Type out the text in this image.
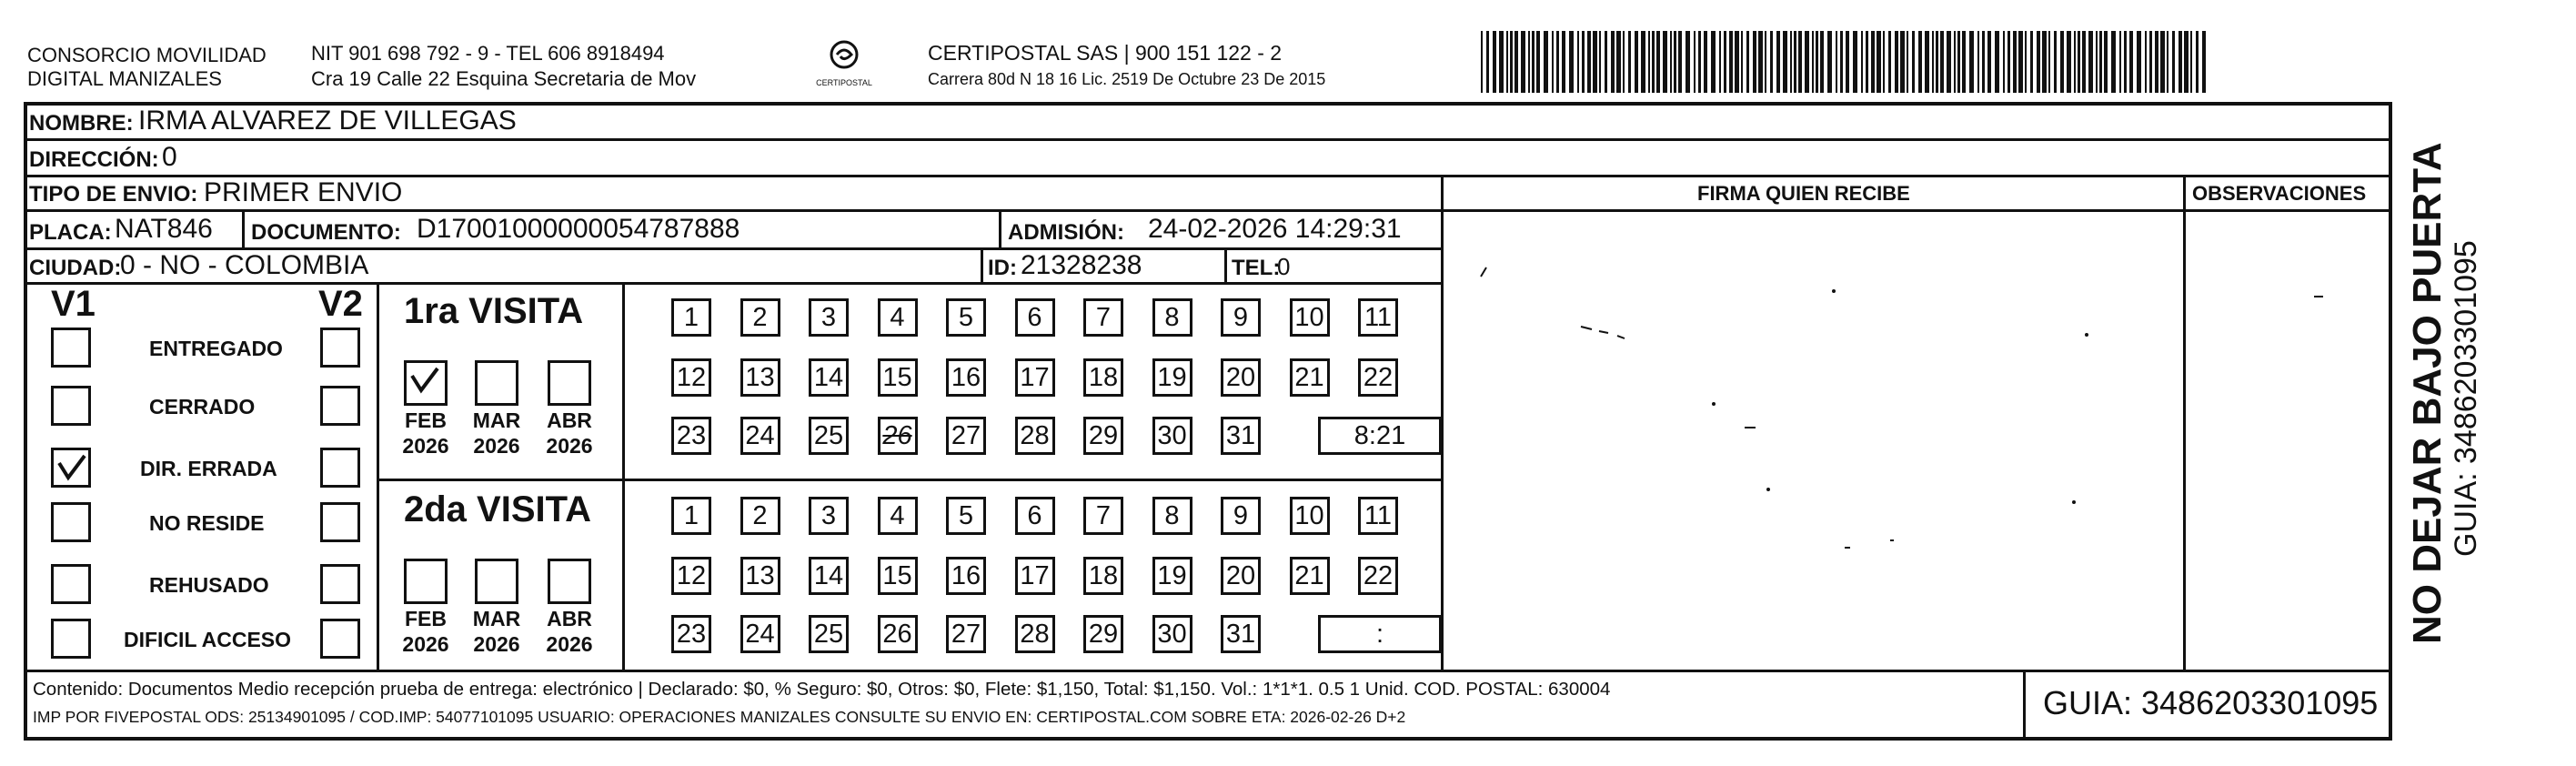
CONSORCIO MOVILIDAD
DIGITAL MANIZALES
NIT 901 698 792 - 9 - TEL 606 8918494
Cra 19 Calle 22 Esquina Secretaria de Mov	CERTIPOSTAL
CERTIPOSTAL SAS | 900 151 122 - 2
Carrera 80d N 18 16 Lic. 2519 De Octubre 23 De 2015
NOMBRE: IRMA ALVAREZ DE VILLEGAS
DIRECCIÓN: 0
TIPO DE ENVIO: PRIMER ENVIO
PLACA: NAT846 DOCUMENTO: D17001000000054787888	ADMISIÓN: 24-02-2026 14:29:31
CIUDAD:
0 - NO - COLOMBIA	ID: 21328238	TEL:
0
FIRMA QUIEN RECIBE	OBSERVACIONES
V1	V2
ENTREGADO
CERRADO
DIR. ERRADA
NO RESIDE
REHUSADO
DIFICIL ACCESO
1ra VISITA
FEB
2026
MAR
2026
ABR
2026
1	2	3	4	5	6	7	8	9	10 11
12 13 14 15 16 17 18 19 20 21 22
23 24 25 26 27 28 29 30 31	8:21
2da VISITA
FEB
2026
MAR
2026
ABR
2026
1	2	3	4	5	6	7	8	9	10 11
12 13 14 15 16 17 18 19 20 21 22
23 24 25 26 27 28 29 30 31	:
Contenido: Documentos Medio recepción prueba de entrega: electrónico | Declarado: $0, % Seguro: $0, Otros: $0, Flete: $1,150, Total: $1,150. Vol.: 1*1*1. 0.5 1 Unid. COD. POSTAL: 630004
IMP POR FIVEPOSTAL ODS: 25134901095 / COD.IMP: 54077101095 USUARIO: OPERACIONES MANIZALES CONSULTE SU ENVIO EN: CERTIPOSTAL.COM SOBRE ETA: 2026-02-26 D+2	GUIA: 3486203301095
NO DEJAR BAJO PUERTA GUIA: 3486203301095
